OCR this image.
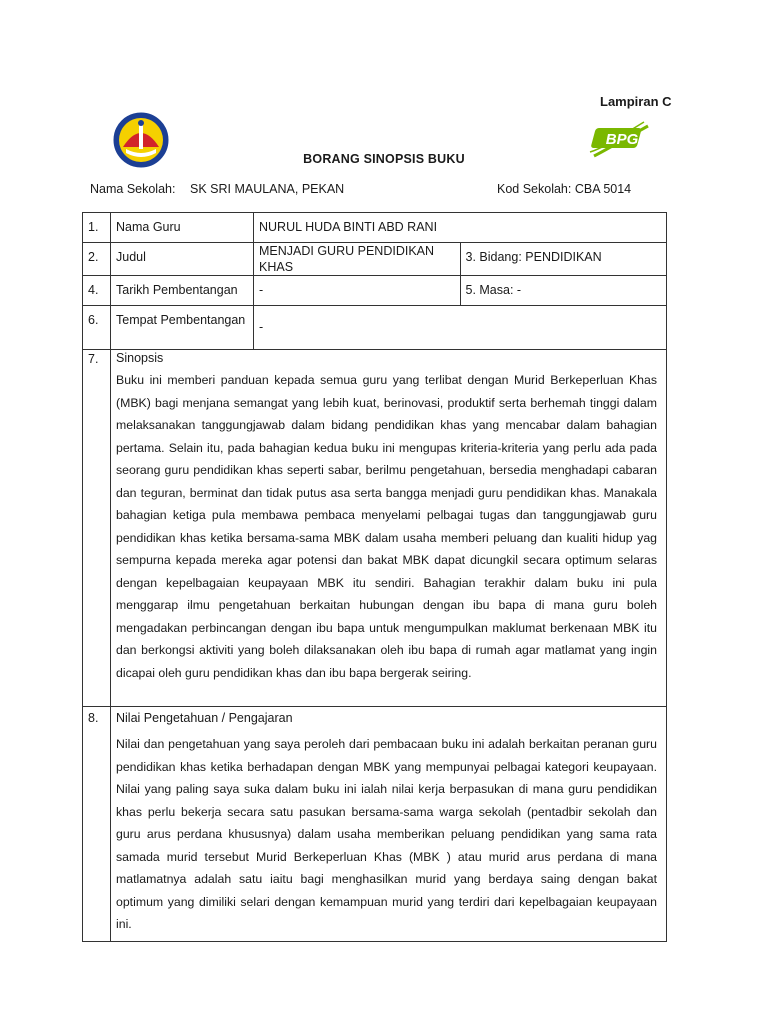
Lampiran C
BPG
BORANG SINOPSIS BUKU
Nama Sekolah: SK SRI MAULANA, PEKAN	Kod Sekolah: CBA 5014
1.	Nama Guru	NURUL HUDA BINTI ABD RANI	
2.	Judul	MENJADI GURU PENDIDIKAN KHAS	3. Bidang: PENDIDIKAN
4.	Tarikh Pembentangan	-	5. Masa: -
6.	Tempat Pembentangan	-	
7.	Sinopsis

Buku ini memberi panduan kepada semua guru yang terlibat dengan Murid Berkeperluan Khas (MBK) bagi menjana semangat yang lebih kuat, berinovasi, produktif serta berhemah tinggi dalam melaksanakan tanggungjawab dalam bidang pendidikan khas yang mencabar dalam bahagian pertama. Selain itu, pada bahagian kedua buku ini mengupas kriteria-kriteria yang perlu ada pada seorang guru pendidikan khas seperti sabar, berilmu pengetahuan, bersedia menghadapi cabaran dan teguran, berminat dan tidak putus asa serta bangga menjadi guru pendidikan khas. Manakala bahagian ketiga pula membawa pembaca menyelami pelbagai tugas dan tanggungjawab guru pendidikan khas ketika bersama-sama MBK dalam usaha memberi peluang dan kualiti hidup yag sempurna kepada mereka agar potensi dan bakat MBK dapat dicungkil secara optimum selaras dengan kepelbagaian keupayaan MBK itu sendiri. Bahagian terakhir dalam buku ini pula menggarap ilmu pengetahuan berkaitan hubungan dengan ibu bapa di mana guru boleh mengadakan perbincangan dengan ibu bapa untuk mengumpulkan maklumat berkenaan MBK itu dan berkongsi aktiviti yang boleh dilaksanakan oleh ibu bapa di rumah agar matlamat yang ingin dicapai oleh guru pendidikan khas dan ibu bapa bergerak seiring.		

8.	Nilai Pengetahuan / Pengajaran

Nilai dan pengetahuan yang saya peroleh dari pembacaan buku ini adalah berkaitan peranan guru pendidikan khas ketika berhadapan dengan MBK yang mempunyai pelbagai kategori keupayaan. Nilai yang paling saya suka dalam buku ini ialah nilai kerja berpasukan di mana guru pendidikan khas perlu bekerja secara satu pasukan bersama-sama warga sekolah (pentadbir sekolah dan guru arus perdana khususnya) dalam usaha memberikan peluang pendidikan yang sama rata samada murid tersebut Murid Berkeperluan Khas (MBK ) atau murid arus perdana di mana matlamatnya adalah satu iaitu bagi menghasilkan murid yang berdaya saing dengan bakat optimum yang dimiliki selari dengan kemampuan murid yang terdiri dari kepelbagaian keupayaan ini.		
